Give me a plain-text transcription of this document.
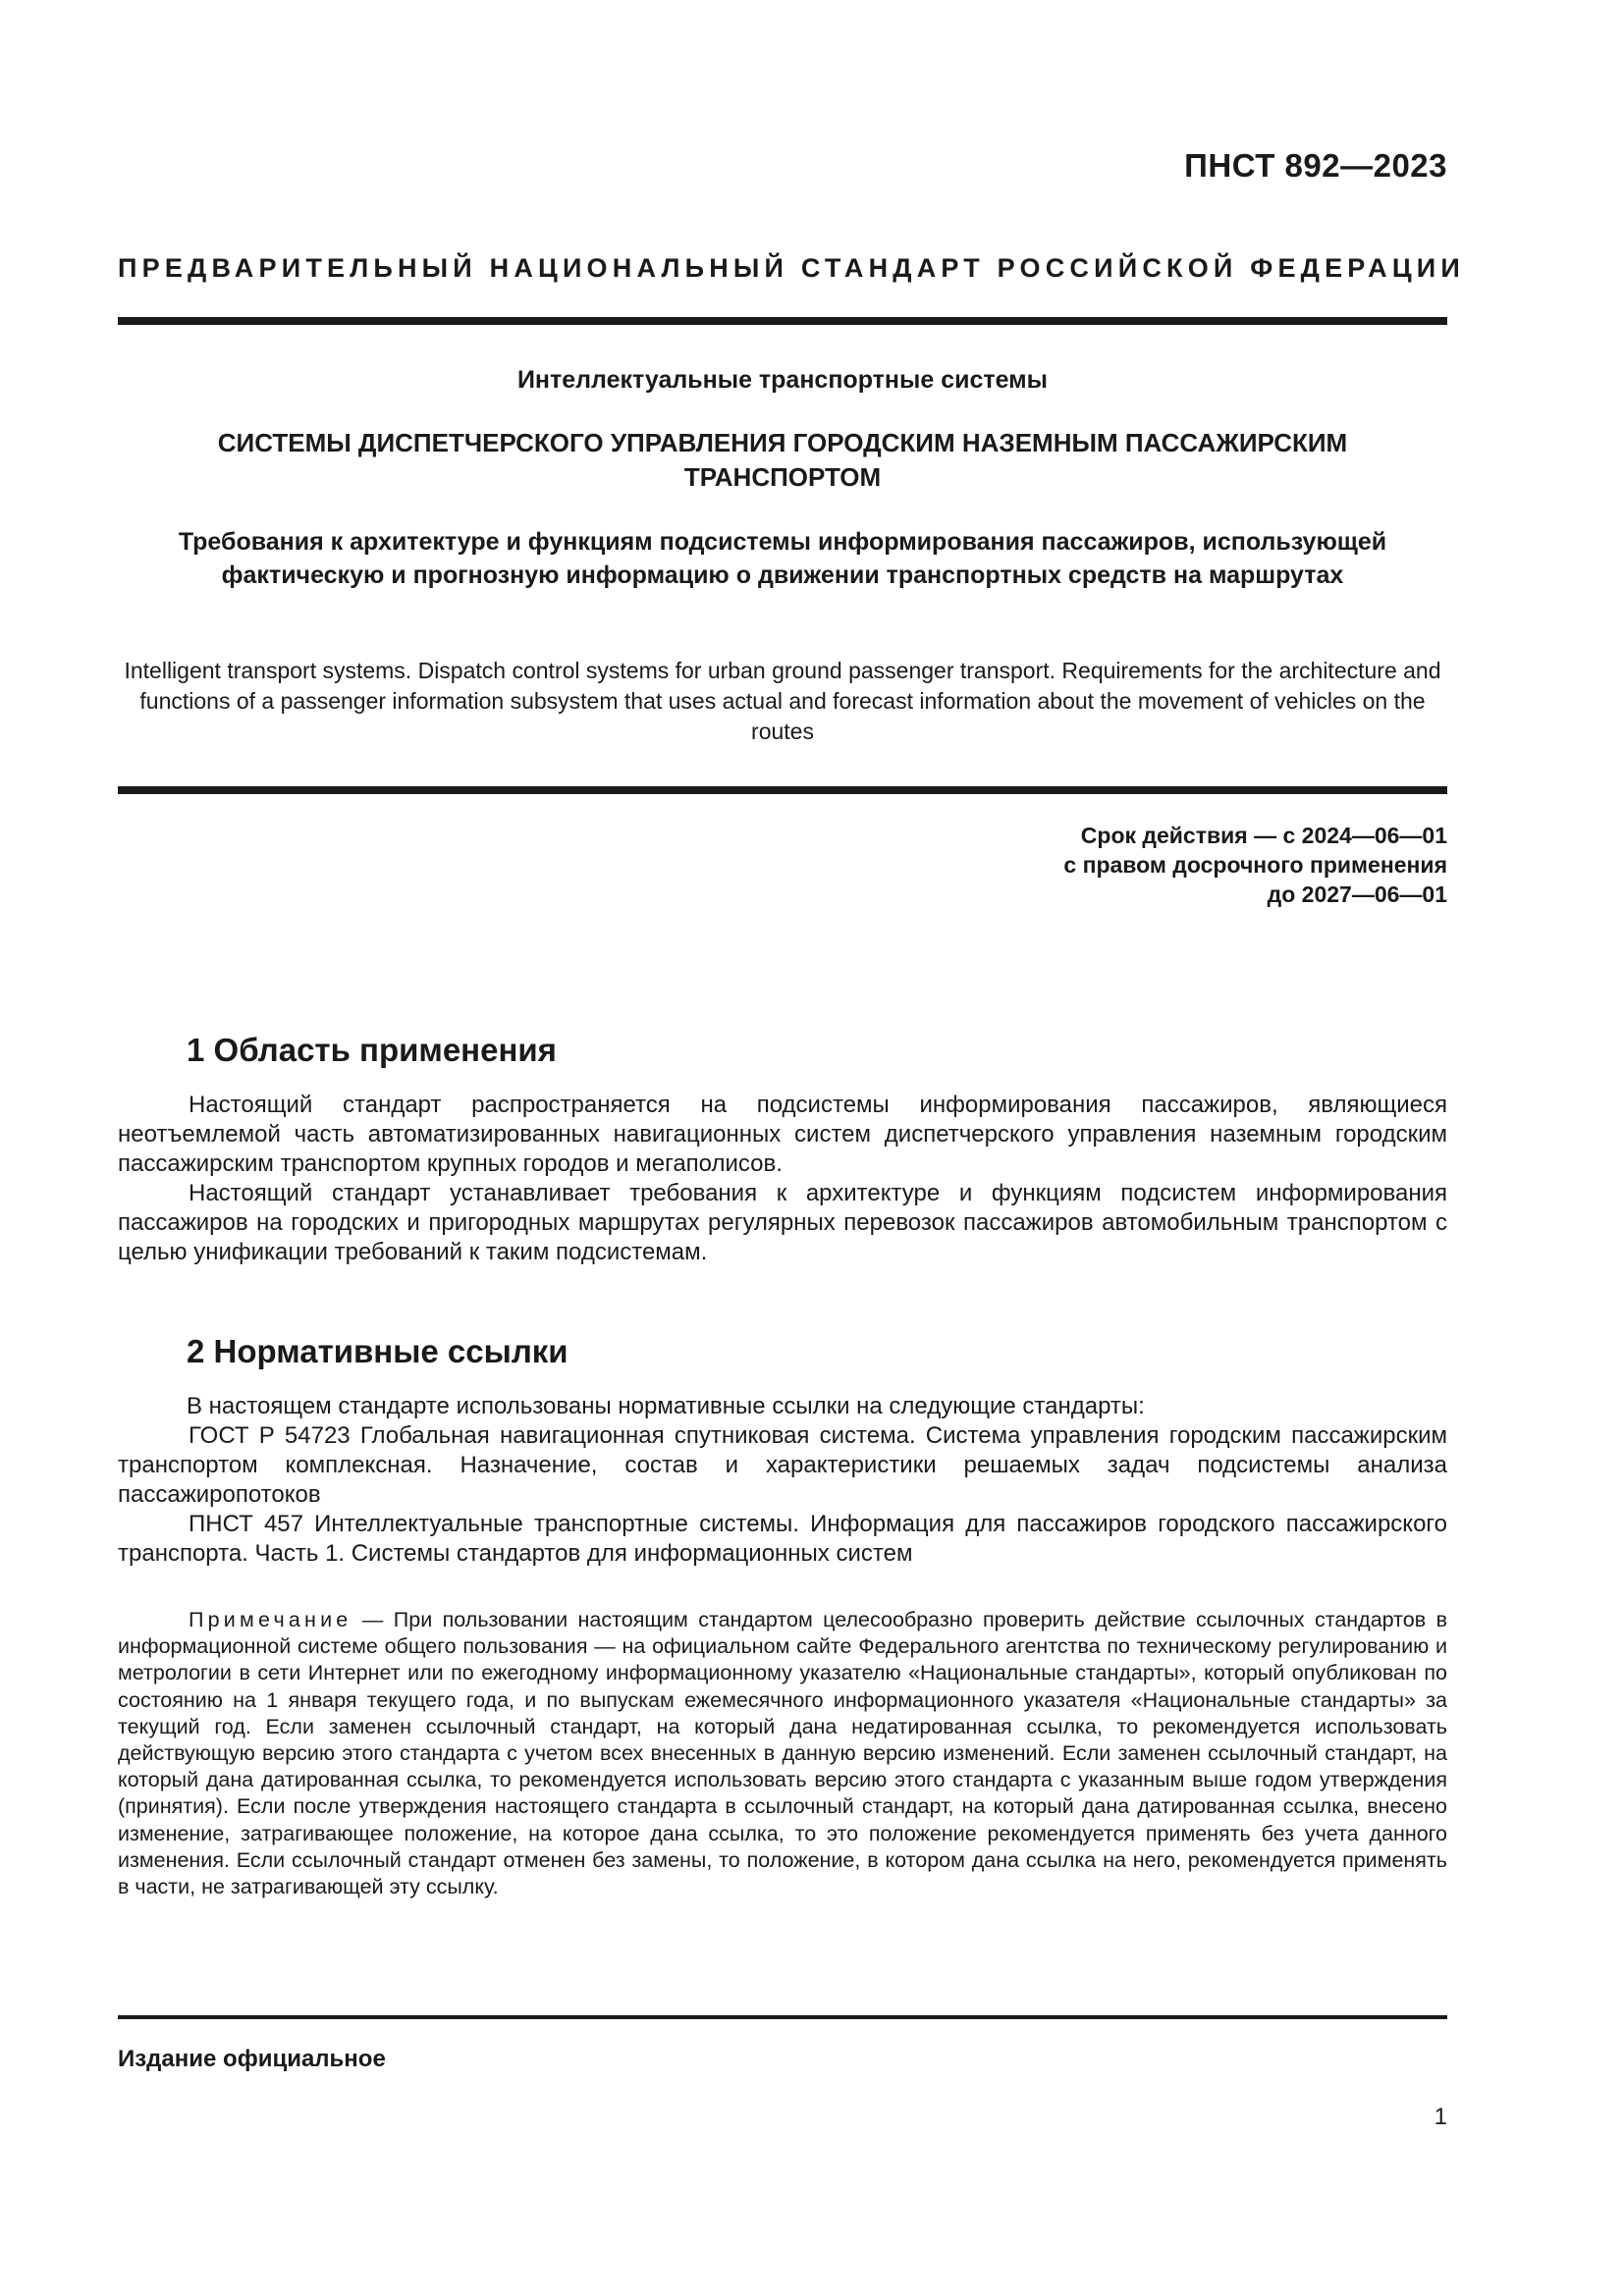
ПНСТ 892—2023
ПРЕДВАРИТЕЛЬНЫЙ НАЦИОНАЛЬНЫЙ СТАНДАРТ РОССИЙСКОЙ ФЕДЕРАЦИИ
Интеллектуальные транспортные системы
СИСТЕМЫ ДИСПЕТЧЕРСКОГО УПРАВЛЕНИЯ ГОРОДСКИМ НАЗЕМНЫМ ПАССАЖИРСКИМ ТРАНСПОРТОМ
Требования к архитектуре и функциям подсистемы информирования пассажиров, использующей фактическую и прогнозную информацию о движении транспортных средств на маршрутах
Intelligent transport systems. Dispatch control systems for urban ground passenger transport. Requirements for the architecture and functions of a passenger information subsystem that uses actual and forecast information about the movement of vehicles on the routes
Срок действия — с 2024—06—01
с правом досрочного применения
до 2027—06—01
1 Область применения

Настоящий стандарт распространяется на подсистемы информирования пассажиров, являющиеся неотъемлемой часть автоматизированных навигационных систем диспетчерского управления наземным городским пассажирским транспортом крупных городов и мегаполисов.

Настоящий стандарт устанавливает требования к архитектуре и функциям подсистем информирования пассажиров на городских и пригородных маршрутах регулярных перевозок пассажиров автомобильным транспортом с целью унификации требований к таким подсистемам.

2 Нормативные ссылки

В настоящем стандарте использованы нормативные ссылки на следующие стандарты:

ГОСТ Р 54723 Глобальная навигационная спутниковая система. Система управления городским пассажирским транспортом комплексная. Назначение, состав и характеристики решаемых задач подсистемы анализа пассажиропотоков

ПНСТ 457 Интеллектуальные транспортные системы. Информация для пассажиров городского пассажирского транспорта. Часть 1. Системы стандартов для информационных систем

Примечание — При пользовании настоящим стандартом целесообразно проверить действие ссылочных стандартов в информационной системе общего пользования — на официальном сайте Федерального агентства по техническому регулированию и метрологии в сети Интернет или по ежегодному информационному указателю «Национальные стандарты», который опубликован по состоянию на 1 января текущего года, и по выпускам ежемесячного информационного указателя «Национальные стандарты» за текущий год. Если заменен ссылочный стандарт, на который дана недатированная ссылка, то рекомендуется использовать действующую версию этого стандарта с учетом всех внесенных в данную версию изменений. Если заменен ссылочный стандарт, на который дана датированная ссылка, то рекомендуется использовать версию этого стандарта с указанным выше годом утверждения (принятия). Если после утверждения настоящего стандарта в ссылочный стандарт, на который дана датированная ссылка, внесено изменение, затрагивающее положение, на которое дана ссылка, то это положение рекомендуется применять без учета данного изменения. Если ссылочный стандарт отменен без замены, то положение, в котором дана ссылка на него, рекомендуется применять в части, не затрагивающей эту ссылку.

Издание официальное
1
